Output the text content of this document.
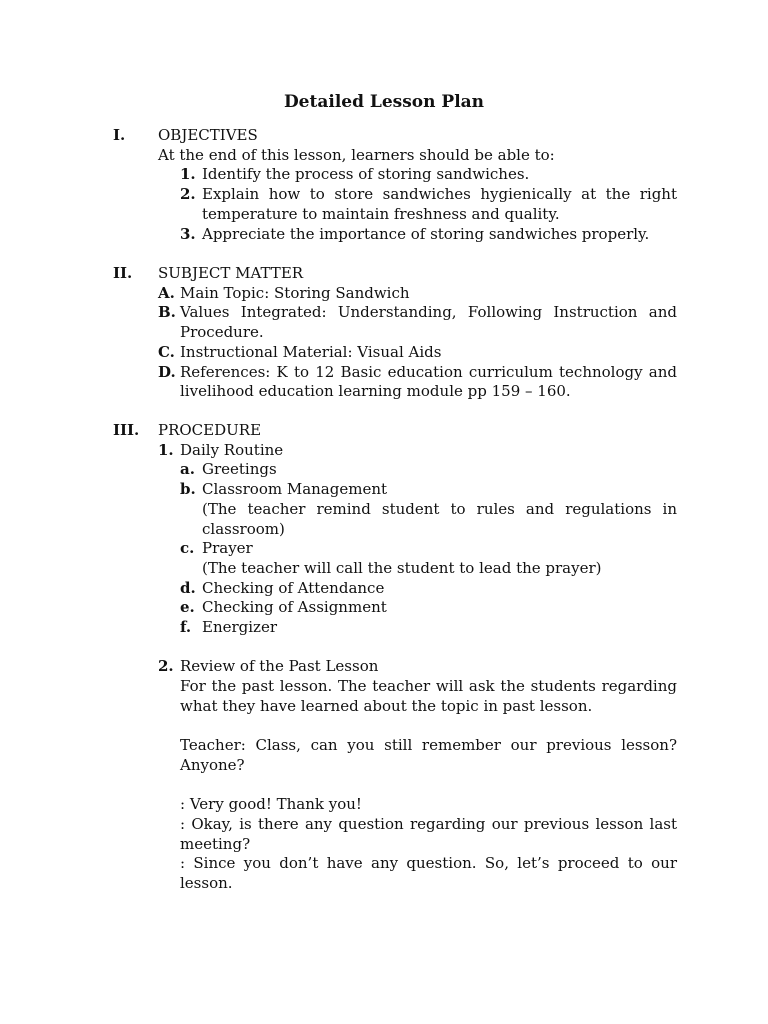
Detailed Lesson Plan
I. OBJECTIVES
At the end of this lesson, learners should be able to:
1. Identify the process of storing sandwiches.
2. Explain how to store sandwiches hygienically at the right temperature to maintain freshness and quality.
3. Appreciate the importance of storing sandwiches properly.
II. SUBJECT MATTER
A. Main Topic: Storing Sandwich
B. Values Integrated: Understanding, Following Instruction and Procedure.
C. Instructional Material: Visual Aids
D. References: K to 12 Basic education curriculum technology and livelihood education learning module pp 159 – 160.
III. PROCEDURE
1. Daily Routine
a. Greetings
b. Classroom Management
(The teacher remind student to rules and regulations in classroom)
c. Prayer
(The teacher will call the student to lead the prayer)
d. Checking of Attendance
e. Checking of Assignment
f. Energizer
2. Review of the Past Lesson
For the past lesson. The teacher will ask the students regarding what they have learned about the topic in past lesson.
Teacher: Class, can you still remember our previous lesson? Anyone?
: Very good! Thank you!
: Okay, is there any question regarding our previous lesson last meeting?
: Since you don’t have any question. So, let’s proceed to our lesson.
